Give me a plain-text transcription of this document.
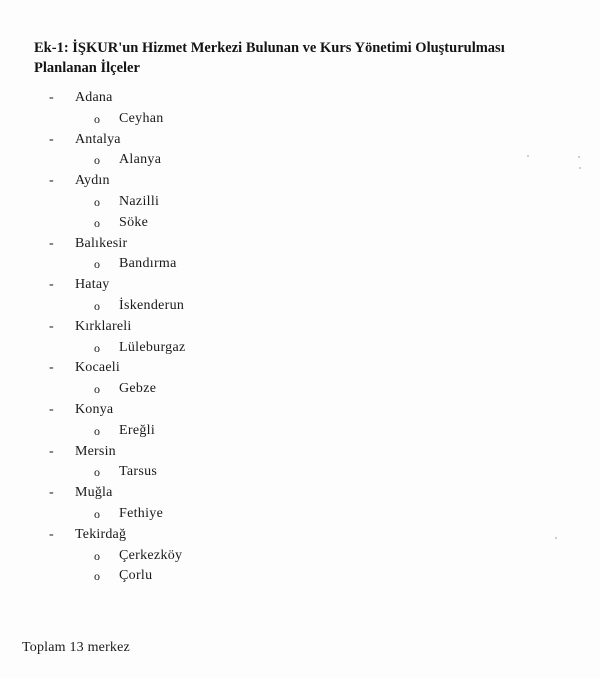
Ek-1: İŞKUR'un Hizmet Merkezi Bulunan ve Kurs Yönetimi Oluşturulması
Planlanan İlçeler
- Adana
o Ceyhan
- Antalya
o Alanya
- Aydın
o Nazilli
o Söke
- Balıkesir
o Bandırma
- Hatay
o İskenderun
- Kırklareli
o Lüleburgaz
- Kocaeli
o Gebze
- Konya
o Ereğli
- Mersin
o Tarsus
- Muğla
o Fethiye
- Tekirdağ
o Çerkezköy
o Çorlu
Toplam 13 merkez
